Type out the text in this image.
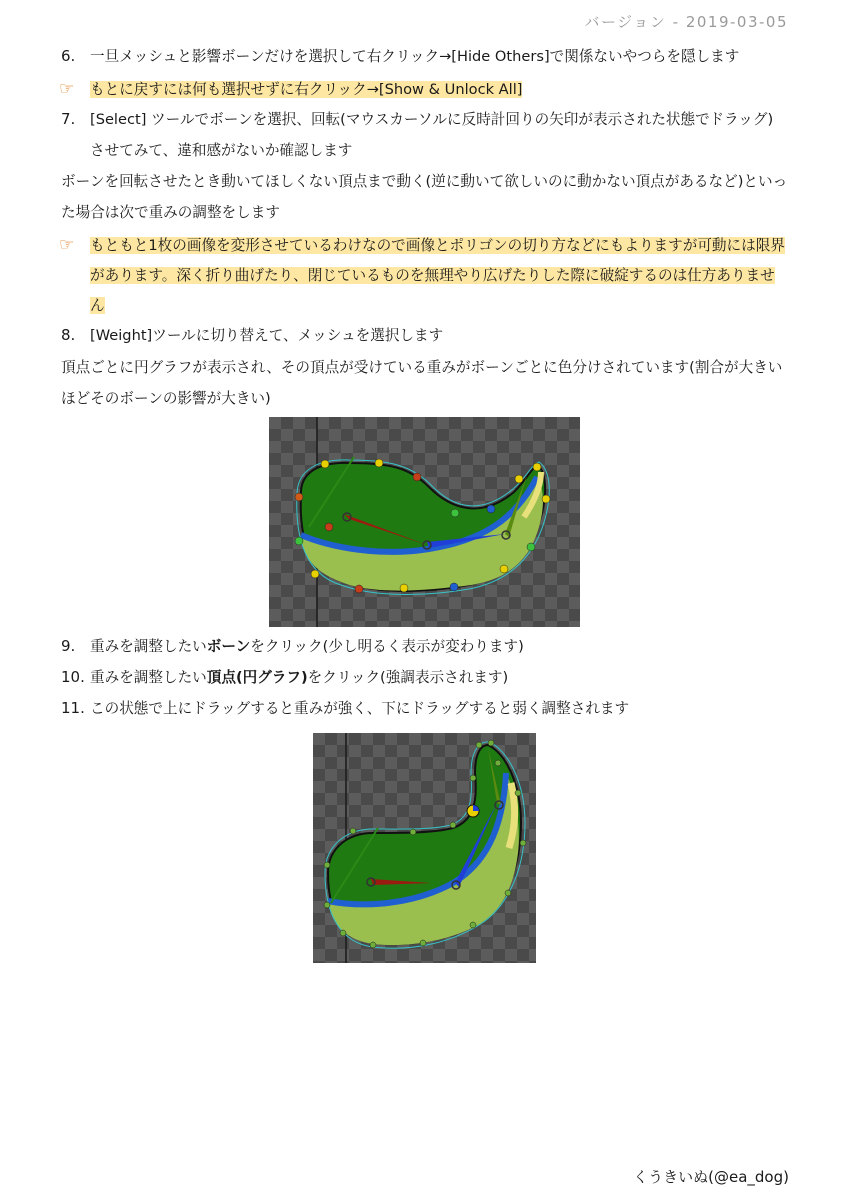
バージョン - 2019-03-05
6.	一旦メッシュと影響ボーンだけを選択して右クリック→[Hide Others]で関係ないやつらを隠します
☞ もとに戻すには何も選択せずに右クリック→[Show & Unlock All]
7.	[Select] ツールでボーンを選択、回転(マウスカーソルに反時計回りの矢印が表示された状態でドラッグ)
させてみて、違和感がないか確認します
ボーンを回転させたとき動いてほしくない頂点まで動く(逆に動いて欲しいのに動かない頂点があるなど)といっ
た場合は次で重みの調整をします
☞ もともと1枚の画像を変形させているわけなので画像とポリゴンの切り方などにもよりますが可動には限界
があります。深く折り曲げたり、閉じているものを無理やり広げたりした際に破綻するのは仕方ありませ
ん
8.	[Weight]ツールに切り替えて、メッシュを選択します
頂点ごとに円グラフが表示され、その頂点が受けている重みがボーンごとに色分けされています(割合が大きい
ほどそのボーンの影響が大きい)
9.	重みを調整したいボーンをクリック(少し明るく表示が変わります)
10. 重みを調整したい頂点(円グラフ)をクリック(強調表示されます)
11. この状態で上にドラッグすると重みが強く、下にドラッグすると弱く調整されます
くうきいぬ(@ea_dog)
